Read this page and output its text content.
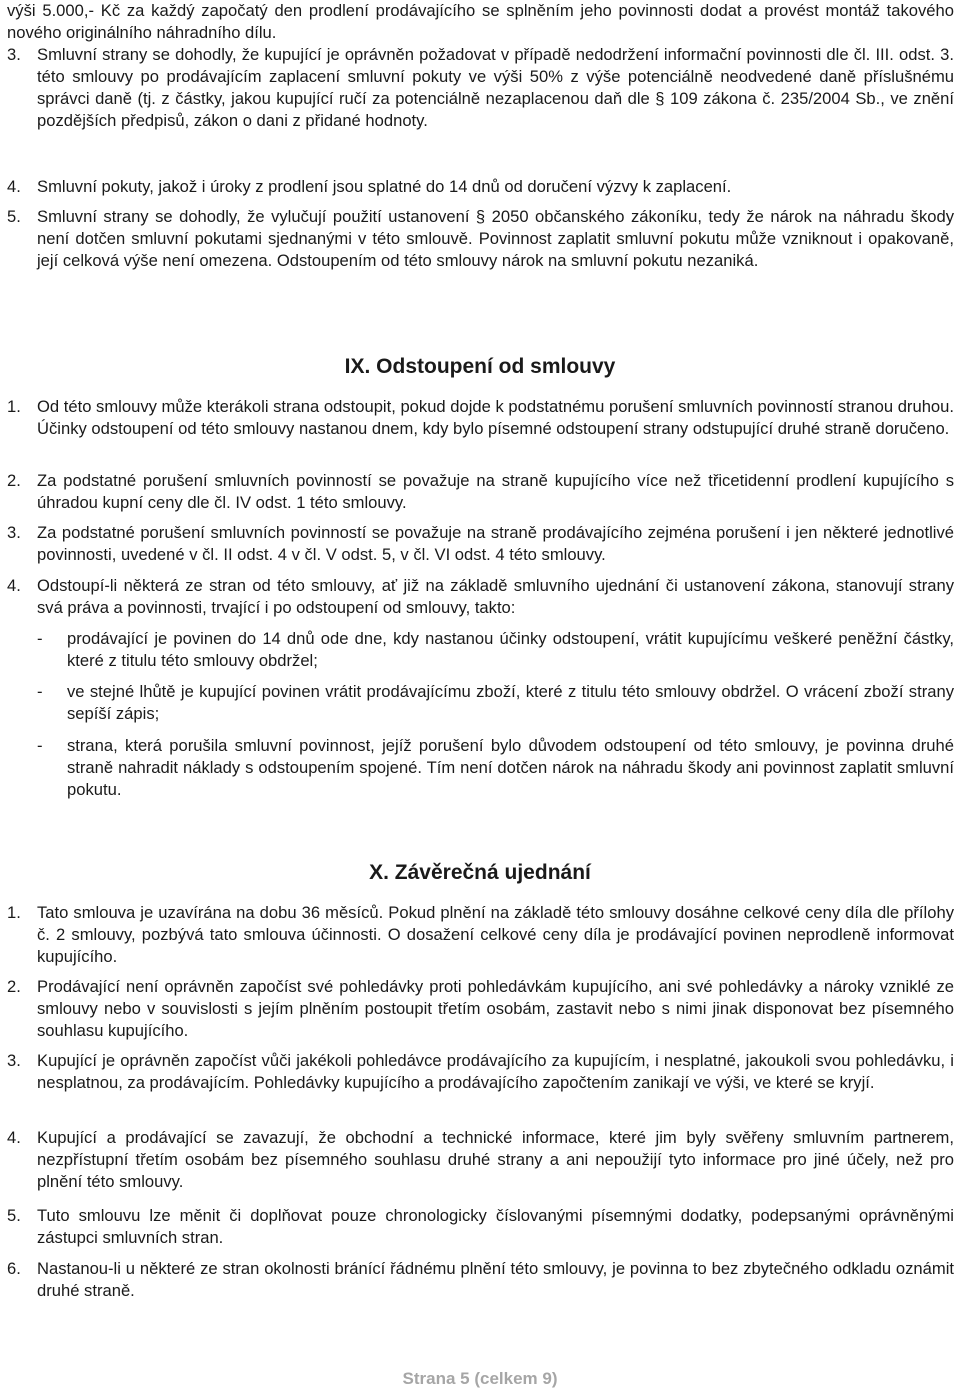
výši 5.000,- Kč za každý započatý den prodlení prodávajícího se splněním jeho povinnosti dodat a provést montáž takového nového originálního náhradního dílu.
3. Smluvní strany se dohodly, že kupující je oprávněn požadovat v případě nedodržení informační povinnosti dle čl. III. odst. 3. této smlouvy po prodávajícím zaplacení smluvní pokuty ve výši 50% z výše potenciálně neodvedené daně příslušnému správci daně (tj. z částky, jakou kupující ručí za potenciálně nezaplacenou daň dle § 109 zákona č. 235/2004 Sb., ve znění pozdějších předpisů, zákon o dani z přidané hodnoty.
4. Smluvní pokuty, jakož i úroky z prodlení jsou splatné do 14 dnů od doručení výzvy k zaplacení.
5. Smluvní strany se dohodly, že vylučují použití ustanovení § 2050 občanského zákoníku, tedy že nárok na náhradu škody není dotčen smluvní pokutami sjednanými v této smlouvě. Povinnost zaplatit smluvní pokutu může vzniknout i opakovaně, její celková výše není omezena. Odstoupením od této smlouvy nárok na smluvní pokutu nezaniká.
IX. Odstoupení od smlouvy
1. Od této smlouvy může kterákoli strana odstoupit, pokud dojde k podstatnému porušení smluvních povinností stranou druhou. Účinky odstoupení od této smlouvy nastanou dnem, kdy bylo písemné odstoupení strany odstupující druhé straně doručeno.
2. Za podstatné porušení smluvních povinností se považuje na straně kupujícího více než třicetidenní prodlení kupujícího s úhradou kupní ceny dle čl. IV odst. 1 této smlouvy.
3. Za podstatné porušení smluvních povinností se považuje na straně prodávajícího zejména porušení i jen některé jednotlivé povinnosti, uvedené v čl. II odst. 4 v čl. V odst. 5, v čl. VI odst. 4 této smlouvy.
4. Odstoupí-li některá ze stran od této smlouvy, ať již na základě smluvního ujednání či ustanovení zákona, stanovují strany svá práva a povinnosti, trvající i po odstoupení od smlouvy, takto:
- prodávající je povinen do 14 dnů ode dne, kdy nastanou účinky odstoupení, vrátit kupujícímu veškeré peněžní částky, které z titulu této smlouvy obdržel;
- ve stejné lhůtě je kupující povinen vrátit prodávajícímu zboží, které z titulu této smlouvy obdržel. O vrácení zboží strany sepíší zápis;
- strana, která porušila smluvní povinnost, jejíž porušení bylo důvodem odstoupení od této smlouvy, je povinna druhé straně nahradit náklady s odstoupením spojené. Tím není dotčen nárok na náhradu škody ani povinnost zaplatit smluvní pokutu.
X. Závěrečná ujednání
1. Tato smlouva je uzavírána na dobu 36 měsíců. Pokud plnění na základě této smlouvy dosáhne celkové ceny díla dle přílohy č. 2 smlouvy, pozbývá tato smlouva účinnosti. O dosažení celkové ceny díla je prodávající povinen neprodleně informovat kupujícího.
2. Prodávající není oprávněn započíst své pohledávky proti pohledávkám kupujícího, ani své pohledávky a nároky vzniklé ze smlouvy nebo v souvislosti s jejím plněním postoupit třetím osobám, zastavit nebo s nimi jinak disponovat bez písemného souhlasu kupujícího.
3. Kupující je oprávněn započíst vůči jakékoli pohledávce prodávajícího za kupujícím, i nesplatné, jakoukoli svou pohledávku, i nesplatnou, za prodávajícím. Pohledávky kupujícího a prodávajícího započtením zanikají ve výši, ve které se kryjí.
4. Kupující a prodávající se zavazují, že obchodní a technické informace, které jim byly svěřeny smluvním partnerem, nezpřístupní třetím osobám bez písemného souhlasu druhé strany a ani nepoužijí tyto informace pro jiné účely, než pro plnění této smlouvy.
5. Tuto smlouvu lze měnit či doplňovat pouze chronologicky číslovanými písemnými dodatky, podepsanými oprávněnými zástupci smluvních stran.
6. Nastanou-li u některé ze stran okolnosti bránící řádnému plnění této smlouvy, je povinna to bez zbytečného odkladu oznámit druhé straně.
Strana 5 (celkem 9)
